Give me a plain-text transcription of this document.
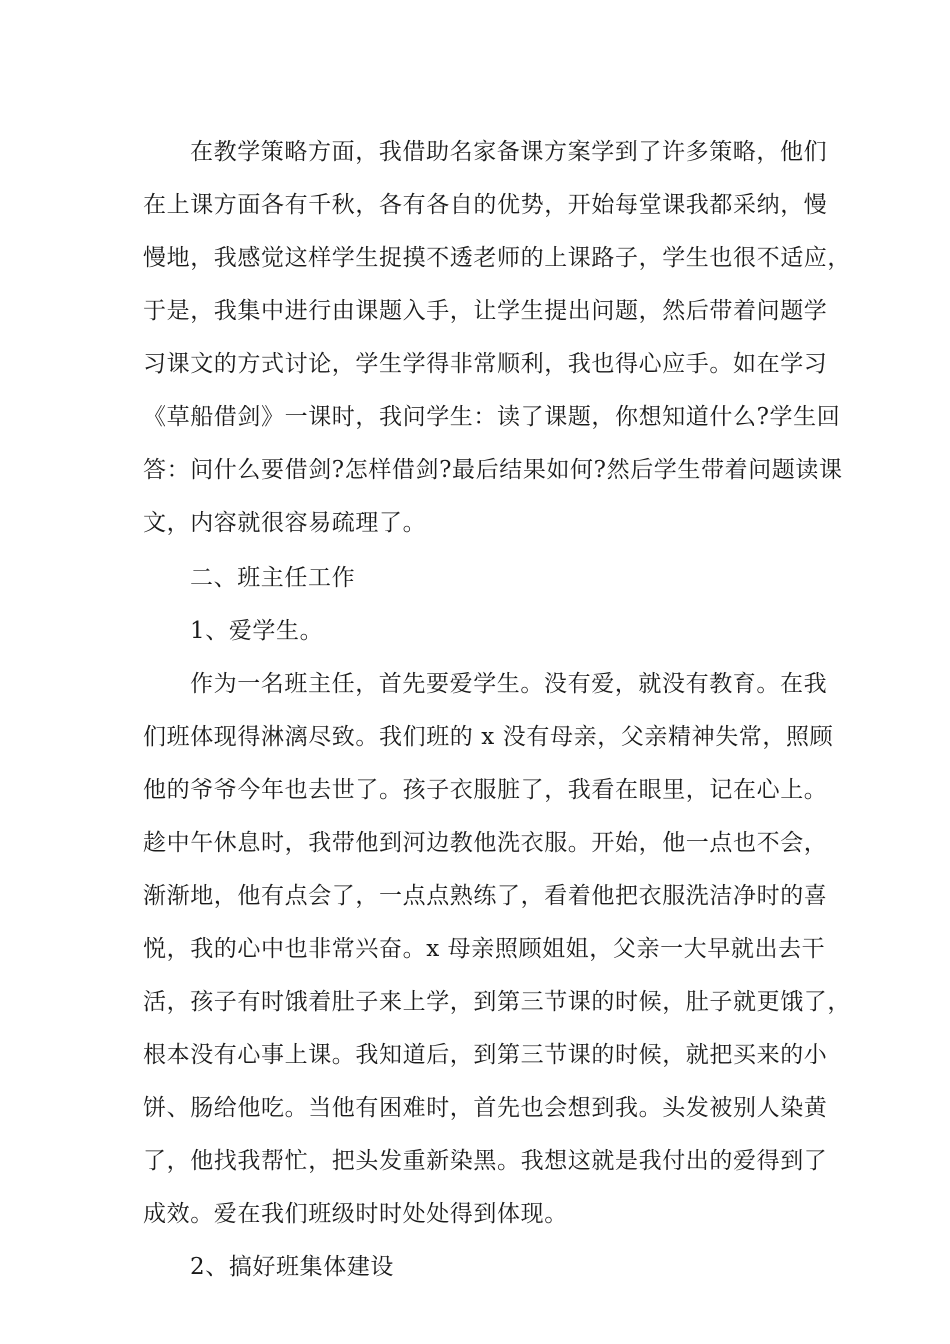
在教学策略方面，我借助名家备课方案学到了许多策略，他们
在上课方面各有千秋，各有各自的优势，开始每堂课我都采纳，慢
慢地，我感觉这样学生捉摸不透老师的上课路子，学生也很不适应，
于是，我集中进行由课题入手，让学生提出问题，然后带着问题学
习课文的方式讨论，学生学得非常顺利，我也得心应手。如在学习
《草船借剑》一课时，我问学生：读了课题，你想知道什么?学生回
答：问什么要借剑?怎样借剑?最后结果如何?然后学生带着问题读课
文，内容就很容易疏理了。
二、班主任工作
1、爱学生。
作为一名班主任，首先要爱学生。没有爱，就没有教育。在我
们班体现得淋漓尽致。我们班的 x 没有母亲，父亲精神失常，照顾
他的爷爷今年也去世了。孩子衣服脏了，我看在眼里，记在心上。
趁中午休息时，我带他到河边教他洗衣服。开始，他一点也不会，
渐渐地，他有点会了，一点点熟练了，看着他把衣服洗洁净时的喜
悦，我的心中也非常兴奋。x 母亲照顾姐姐，父亲一大早就出去干
活，孩子有时饿着肚子来上学，到第三节课的时候，肚子就更饿了，
根本没有心事上课。我知道后，到第三节课的时候，就把买来的小
饼、肠给他吃。当他有困难时，首先也会想到我。头发被别人染黄
了，他找我帮忙，把头发重新染黑。我想这就是我付出的爱得到了
成效。爱在我们班级时时处处得到体现。
2、搞好班集体建设
